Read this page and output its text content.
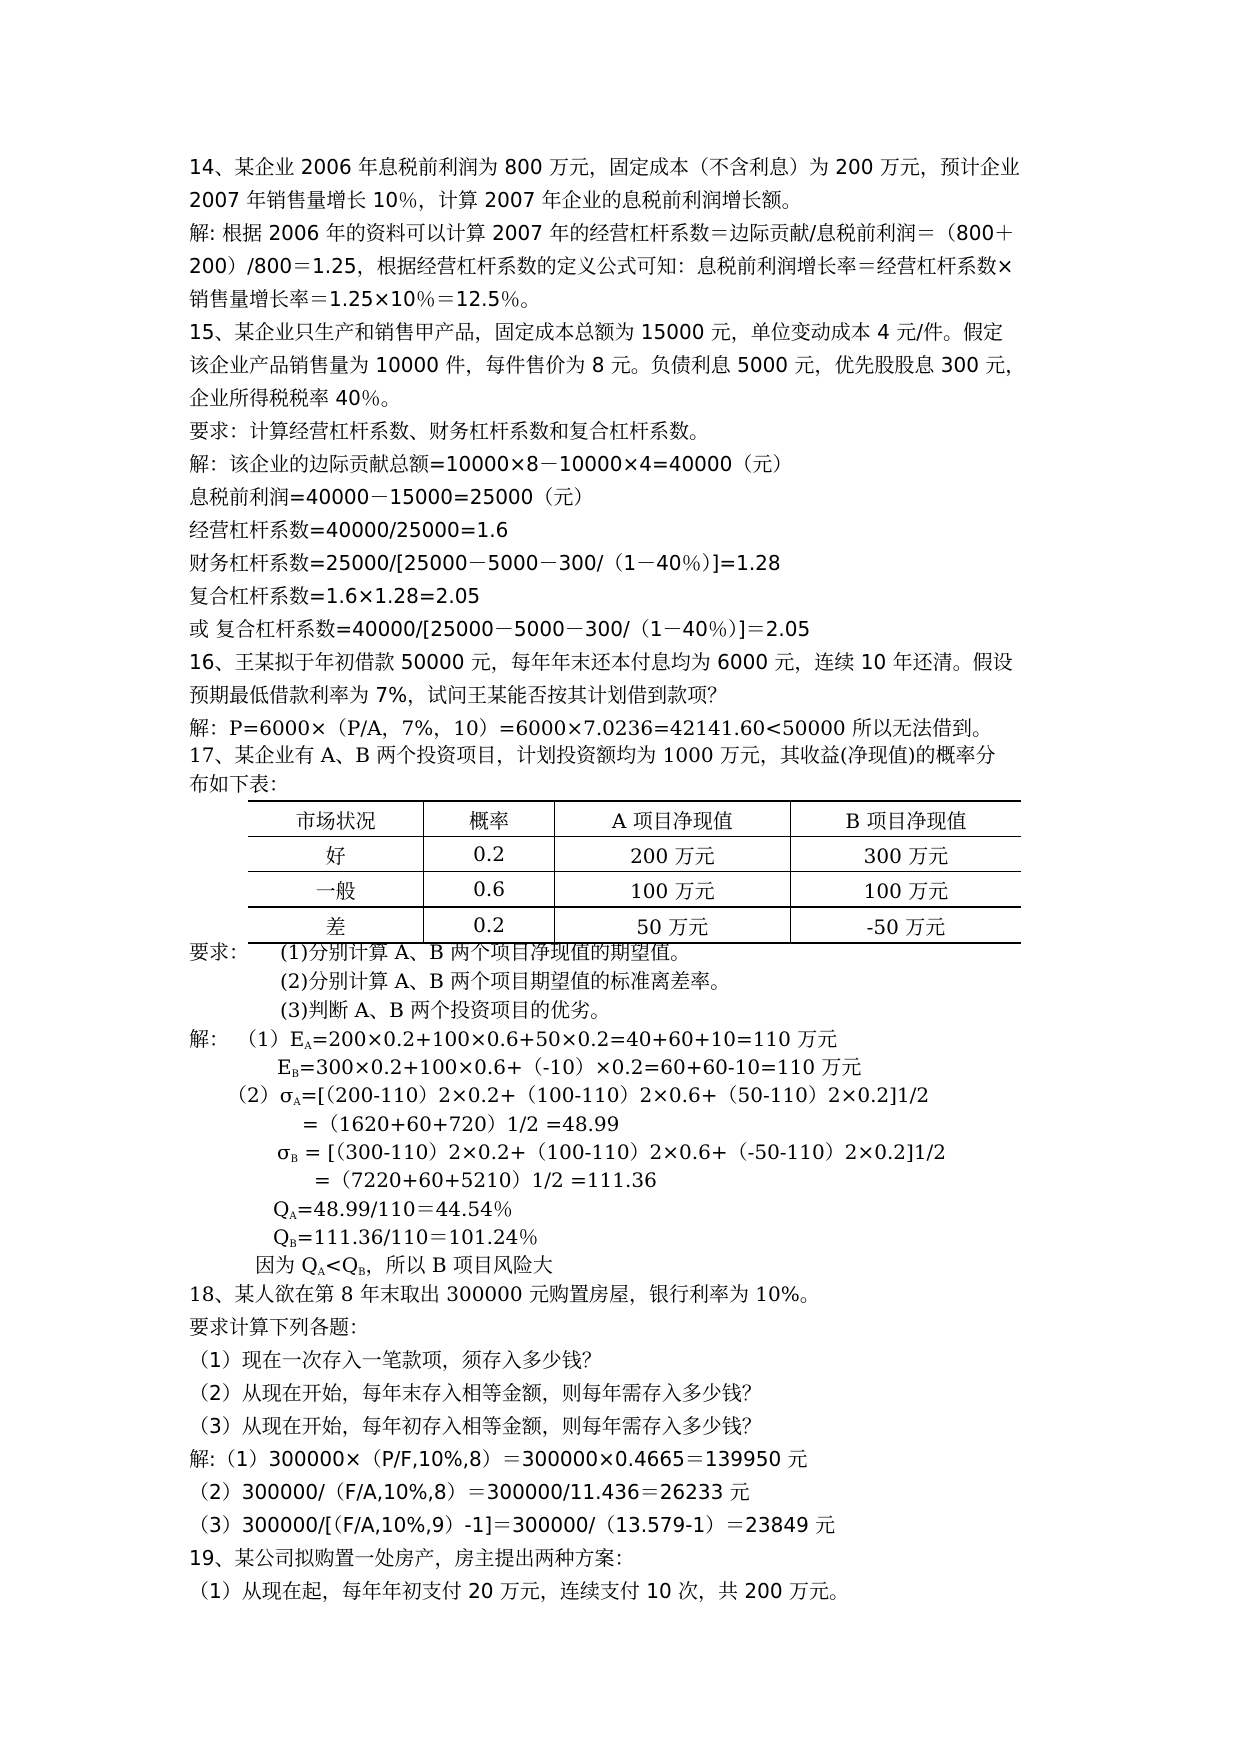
14、某企业 2006 年息税前利润为 800 万元，固定成本（不含利息）为 200 万元，预计企业
2007 年销售量增长 10％，计算 2007 年企业的息税前利润增长额。
解: 根据 2006 年的资料可以计算 2007 年的经营杠杆系数＝边际贡献/息税前利润＝（800＋
200）/800＝1.25，根据经营杠杆系数的定义公式可知：息税前利润增长率＝经营杠杆系数×
销售量增长率＝1.25×10％＝12.5％。
15、某企业只生产和销售甲产品，固定成本总额为 15000 元，单位变动成本 4 元/件。假定
该企业产品销售量为 10000 件，每件售价为 8 元。负债利息 5000 元，优先股股息 300 元，
企业所得税税率 40％。
要求：计算经营杠杆系数、财务杠杆系数和复合杠杆系数。
解：该企业的边际贡献总额=10000×8－10000×4=40000（元）
息税前利润=40000－15000=25000（元）
经营杠杆系数=40000/25000=1.6
财务杠杆系数=25000/[25000－5000－300/（1－40％）]=1.28
复合杠杆系数=1.6×1.28=2.05
或 复合杠杆系数=40000/[25000－5000－300/（1－40％）]＝2.05
16、王某拟于年初借款 50000 元，每年年末还本付息均为 6000 元，连续 10 年还清。假设
预期最低借款利率为 7%，试问王某能否按其计划借到款项？
解：P=6000×（P/A，7%，10）=6000×7.0236=42141.60<50000 所以无法借到。
17、某企业有 A、B 两个投资项目，计划投资额均为 1000 万元，其收益(净现值)的概率分
布如下表：
市场状况	概率	A 项目净现值	B 项目净现值
好	0.2	200 万元	300 万元
一般	0.6	100 万元	100 万元
差	0.2	50 万元	-50 万元
要求： (1)分别计算 A、B 两个项目净现值的期望值。
(2)分别计算 A、B 两个项目期望值的标准离差率。
(3)判断 A、B 两个投资项目的优劣。
解： $(1)E_A=200\times 0.2+100\times 0.6+50\times 0.2=40+60+10=110$ 万元
$E_B=300\times 0.2+100\times 0.6+(-10)\times 0.2=60+60-10=110$ 万元
$(2)\sigma_A=[(200-110)2\times 0.2+(100-110)2\times 0.6+(50-110)2\times 0.2]1/2$
=（1620+60+720）1/2 =48.99
$\sigma_B = [(300-110)2\times 0.2+(100-110)2\times 0.6+(-50-110)2\times 0.2]1/2$
=（7220+60+5210）1/2 =111.36
$Q_A=48.99/110=44.54$％
$Q_B=111.36/110=101.24$％
因为 $Q_A<Q_B$，所以 B 项目风险大
18、某人欲在第 8 年末取出 300000 元购置房屋，银行利率为 10%。
要求计算下列各题：
（1）现在一次存入一笔款项，须存入多少钱？
（2）从现在开始，每年末存入相等金额，则每年需存入多少钱？
（3）从现在开始，每年初存入相等金额，则每年需存入多少钱？
解:（1）300000×（P/F,10%,8）＝300000×0.4665＝139950 元
（2）300000/（F/A,10%,8）＝300000/11.436＝26233 元
（3）300000/[（F/A,10%,9）-1]＝300000/（13.579-1）＝23849 元
19、某公司拟购置一处房产，房主提出两种方案：
（1）从现在起，每年年初支付 20 万元，连续支付 10 次，共 200 万元。
